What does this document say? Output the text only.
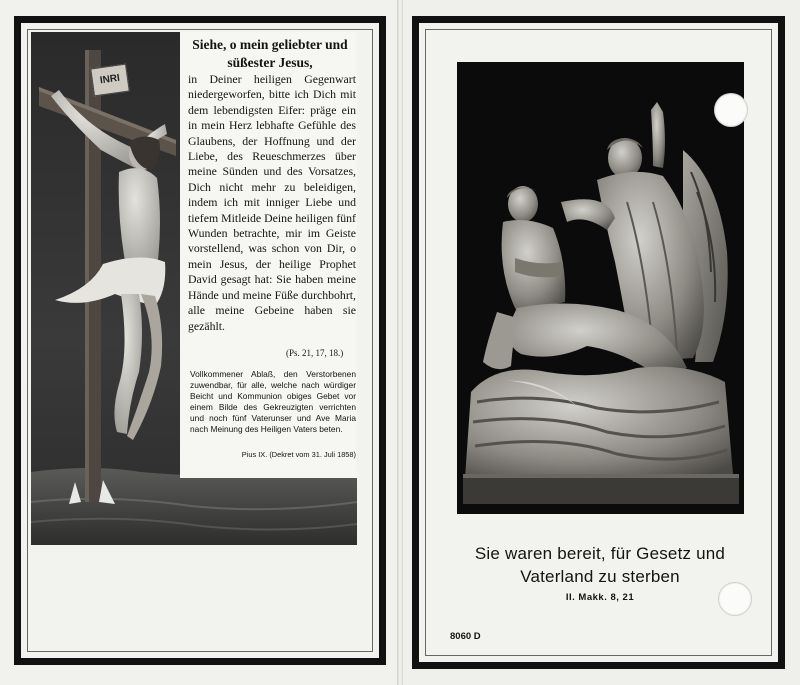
INRI
Siehe, o mein geliebter und süßester Jesus,
in Deiner heiligen Gegenwart niedergeworfen, bitte ich Dich mit dem lebendigsten Eifer: präge ein in mein Herz lebhafte Gefühle des Glaubens, der Hoffnung und der Liebe, des Reueschmerzes über meine Sünden und des Vorsatzes, Dich nicht mehr zu beleidigen, indem ich mit inniger Liebe und tiefem Mitleide Deine heiligen fünf Wunden betrachte, mir im Geiste vorstellend, was schon von Dir, o mein Jesus, der heilige Prophet David gesagt hat: Sie haben meine Hände und meine Füße durchbohrt, alle meine Gebeine haben sie gezählt.
(Ps. 21, 17, 18.)
Vollkommener Ablaß, den Verstorbenen zuwendbar, für alle, welche nach würdiger Beicht und Kommunion obiges Gebet vor einem Bilde des Gekreuzigten verrichten und noch fünf Vaterunser und Ave Maria nach Meinung des Heiligen Vaters beten.
Pius IX. (Dekret vom 31. Juli 1858)
Sie waren bereit, für Gesetz und Vaterland zu sterben
II. Makk. 8, 21
8060 D
